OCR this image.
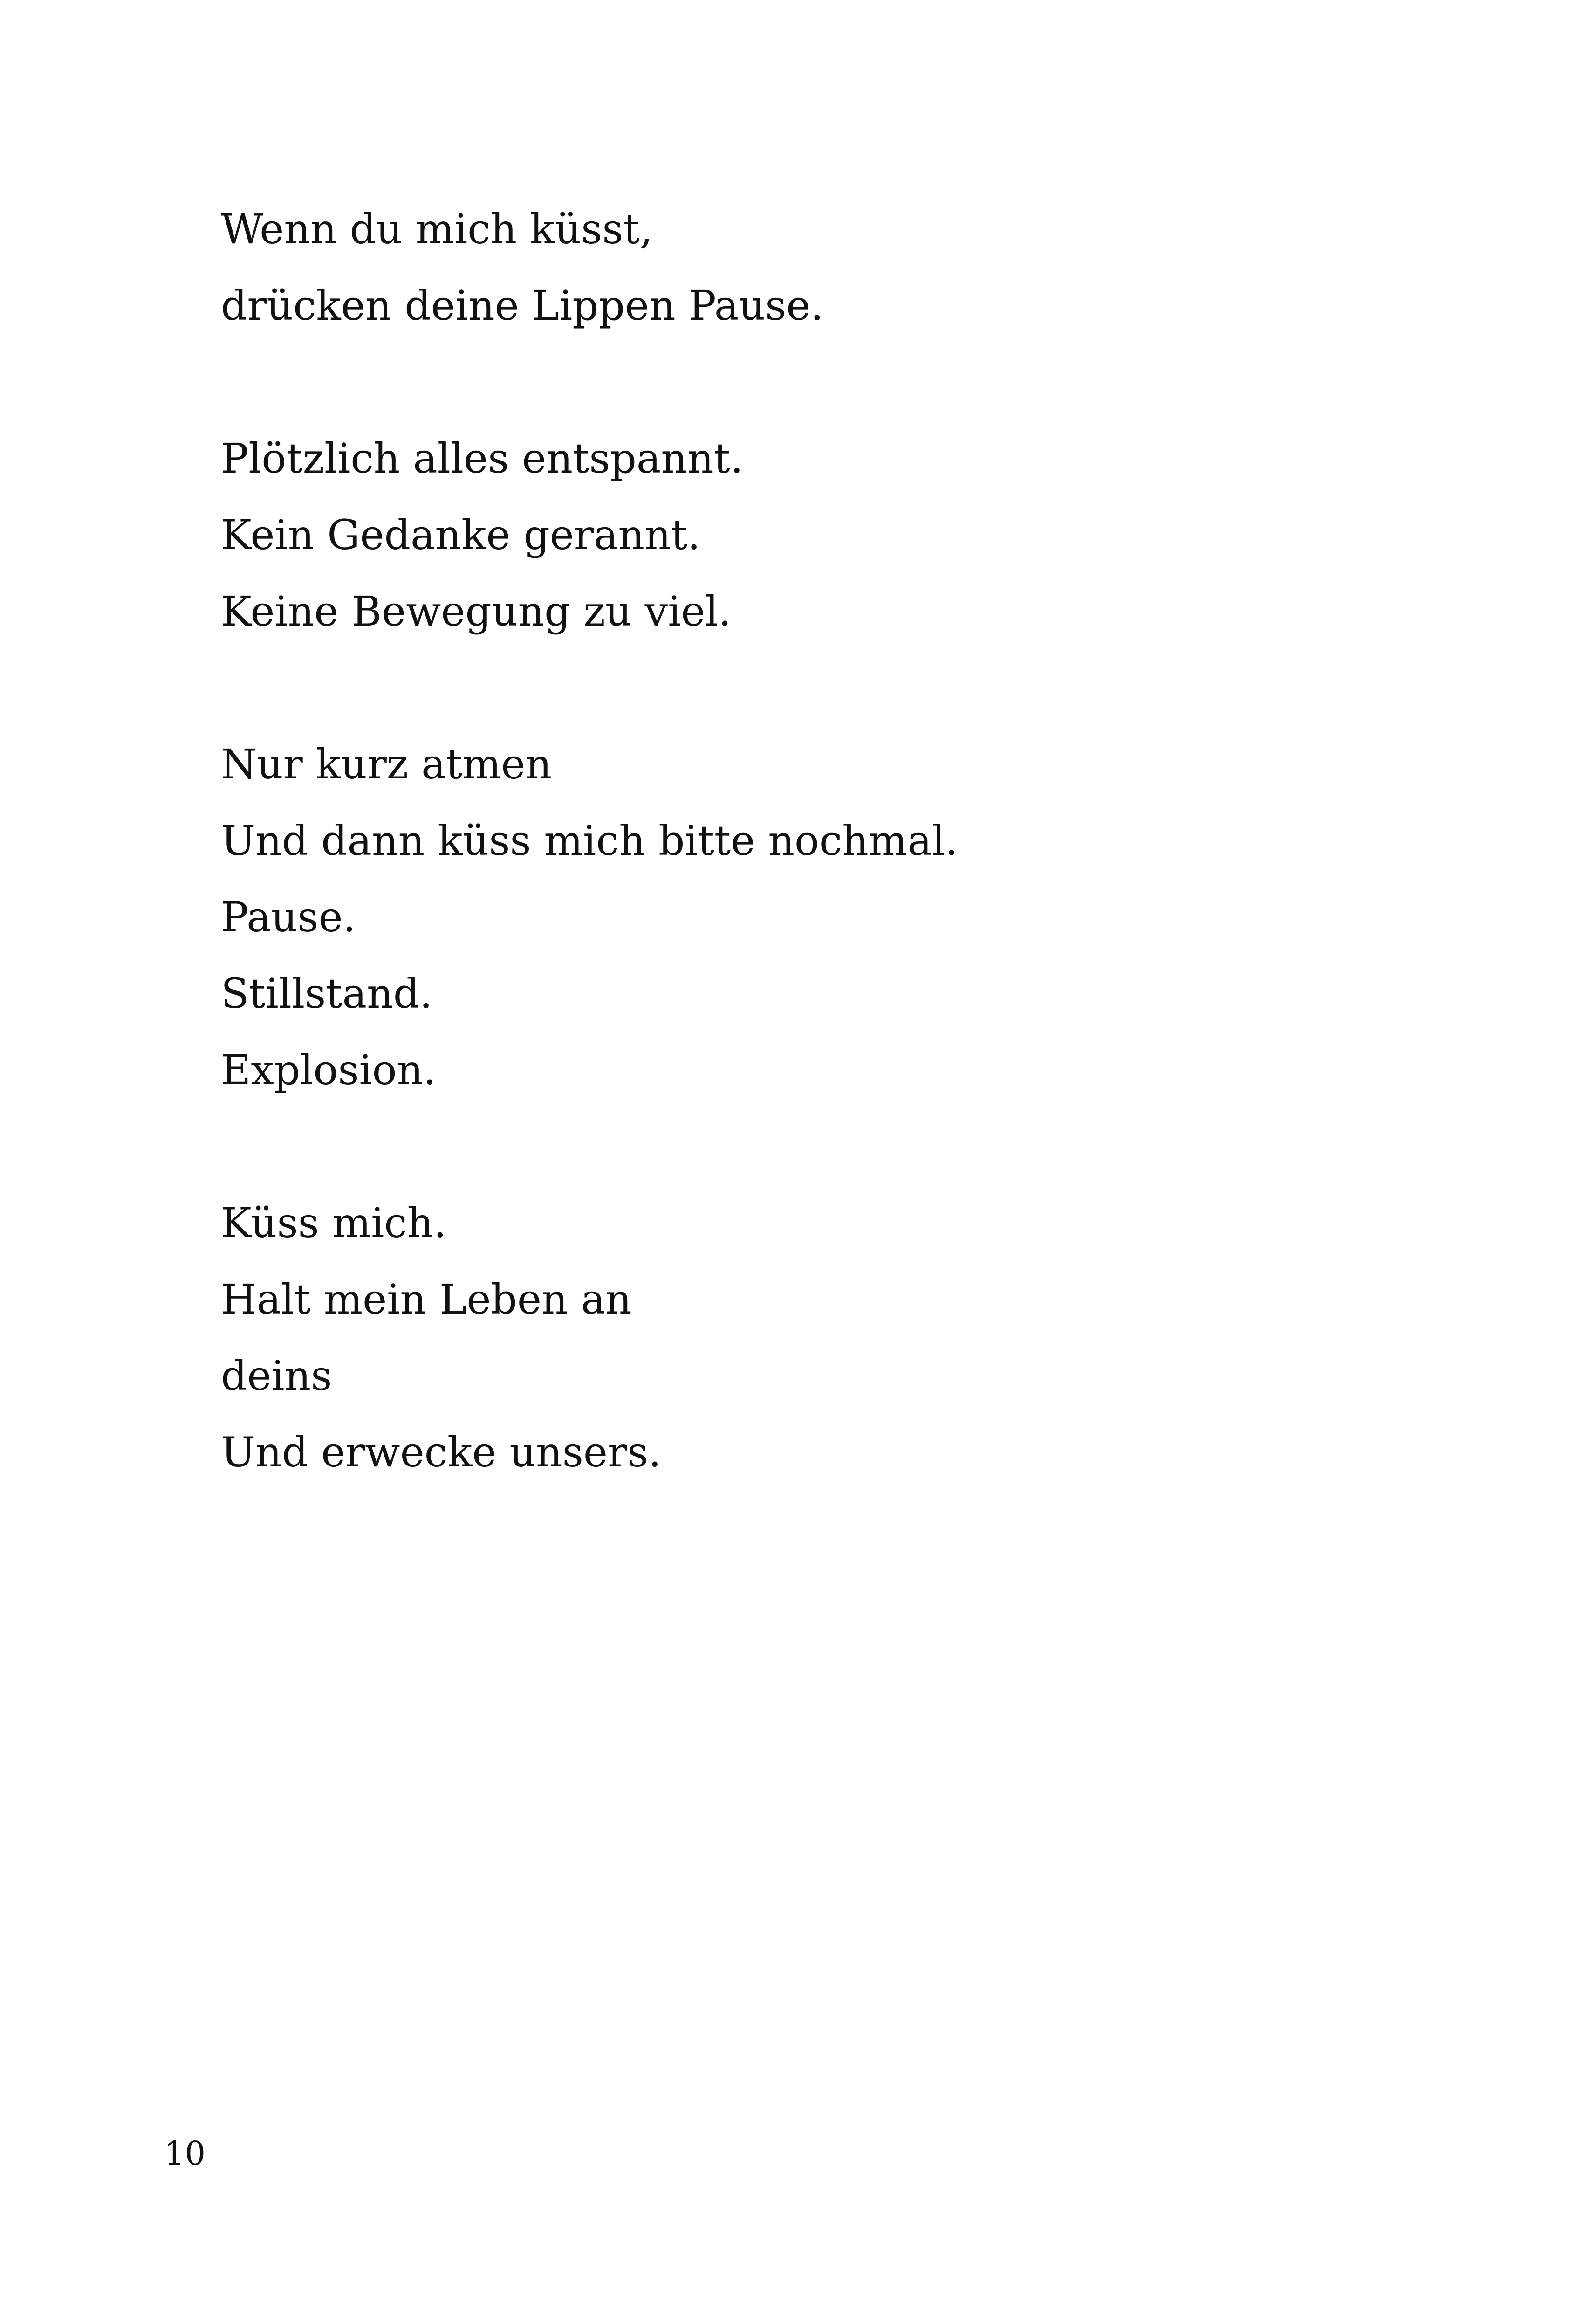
Wenn du mich küsst,
drücken deine Lippen Pause.
Plötzlich alles entspannt.
Kein Gedanke gerannt.
Keine Bewegung zu viel.
Nur kurz atmen
Und dann küss mich bitte nochmal.
Pause.
Stillstand.
Explosion.
Küss mich.
Halt mein Leben an
deins
Und erwecke unsers.
10
